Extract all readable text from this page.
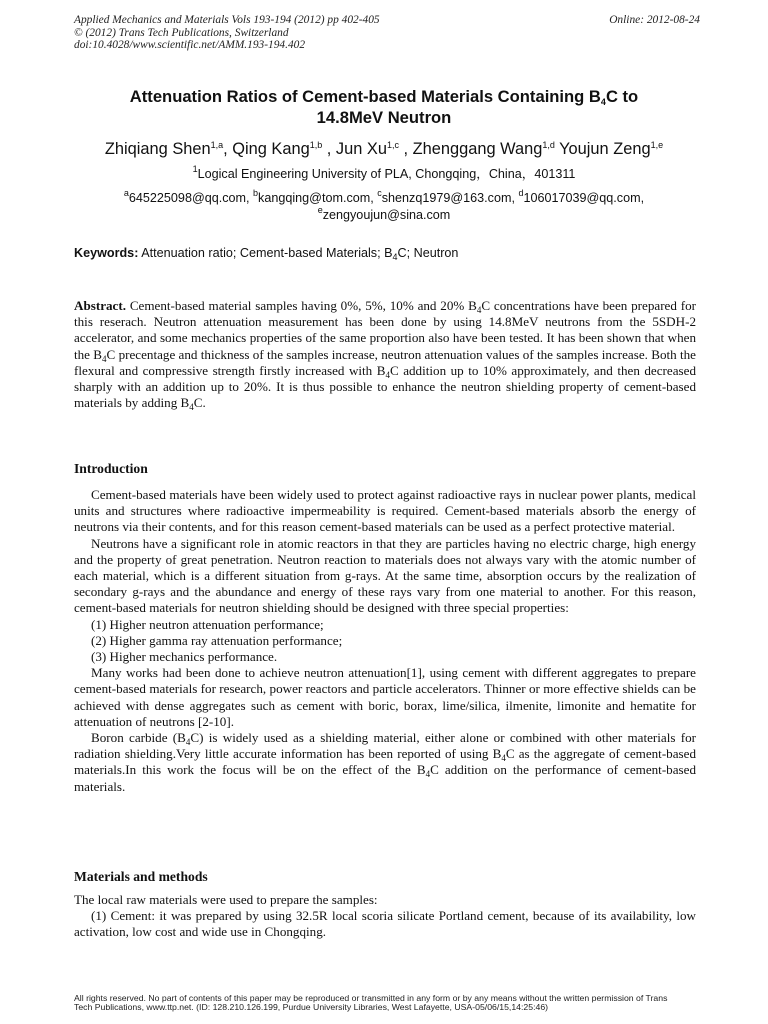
Applied Mechanics and Materials Vols 193-194 (2012) pp 402-405
© (2012) Trans Tech Publications, Switzerland
doi:10.4028/www.scientific.net/AMM.193-194.402
Online: 2012-08-24
Attenuation Ratios of Cement-based Materials Containing $B_4C$ to
14.8MeV Neutron
Zhiqiang Shen$^{1,a}$, Qing Kang$^{1,b}$ , Jun Xu$^{1,c}$ , Zhenggang Wang$^{1,d}$ Youjun Zeng$^{1,e}$
$^1$Logical Engineering University of PLA, Chongqing，China，401311
$^a$645225098@qq.com, $^b$kangqing@tom.com, $^c$shenzq1979@163.com, $^d$106017039@qq.com,
$^e$zengyoujun@sina.com
Keywords: Attenuation ratio; Cement-based Materials; $B_4C$; Neutron

Abstract. Cement-based material samples having 0%, 5%, 10% and 20% $B_4C$ concentrations have been prepared for this reserach. Neutron attenuation measurement has been done by using 14.8MeV neutrons from the 5SDH-2 accelerator, and some mechanics properties of the same proportion also have been tested. It has been shown that when the $B_4C$ precentage and thickness of the samples increase, neutron attenuation values of the samples increase. Both the flexural and compressive strength firstly increased with $B_4C$ addition up to 10% approximately, and then decreased sharply with an addition up to 20%. It is thus possible to enhance the neutron shielding property of cement-based materials by adding $B_4C$.

Introduction

Cement-based materials have been widely used to protect against radioactive rays in nuclear power plants, medical units and structures where radioactive impermeability is required. Cement-based materials absorb the energy of neutrons via their contents, and for this reason cement-based materials can be used as a perfect protective material.

Neutrons have a significant role in atomic reactors in that they are particles having no electric charge, high energy and the property of great penetration. Neutron reaction to materials does not always vary with the atomic number of each material, which is a different situation from g-rays. At the same time, absorption occurs by the realization of secondary g-rays and the abundance and energy of these rays vary from one material to another. For this reason, cement-based materials for neutron shielding should be designed with three special properties:

(1) Higher neutron attenuation performance;

(2) Higher gamma ray attenuation performance;

(3) Higher mechanics performance.

Many works had been done to achieve neutron attenuation[1], using cement with different aggregates to prepare cement-based materials for research, power reactors and particle accelerators. Thinner or more effective shields can be achieved with dense aggregates such as cement with boric, borax, lime/silica, ilmenite, limonite and hematite for attenuation of neutrons [2-10].

Boron carbide $(B_4C)$ is widely used as a shielding material, either alone or combined with other materials for radiation shielding.Very little accurate information has been reported of using $B_4C$ as the aggregate of cement-based materials.In this work the focus will be on the effect of the $B_4C$ addition on the performance of cement-based materials.

Materials and methods

The local raw materials were used to prepare the samples:

(1) Cement: it was prepared by using 32.5R local scoria silicate Portland cement, because of its availability, low activation, low cost and wide use in Chongqing.

All rights reserved. No part of contents of this paper may be reproduced or transmitted in any form or by any means without the written permission of Trans
Tech Publications, www.ttp.net. (ID: 128.210.126.199, Purdue University Libraries, West Lafayette, USA-05/06/15,14:25:46)
